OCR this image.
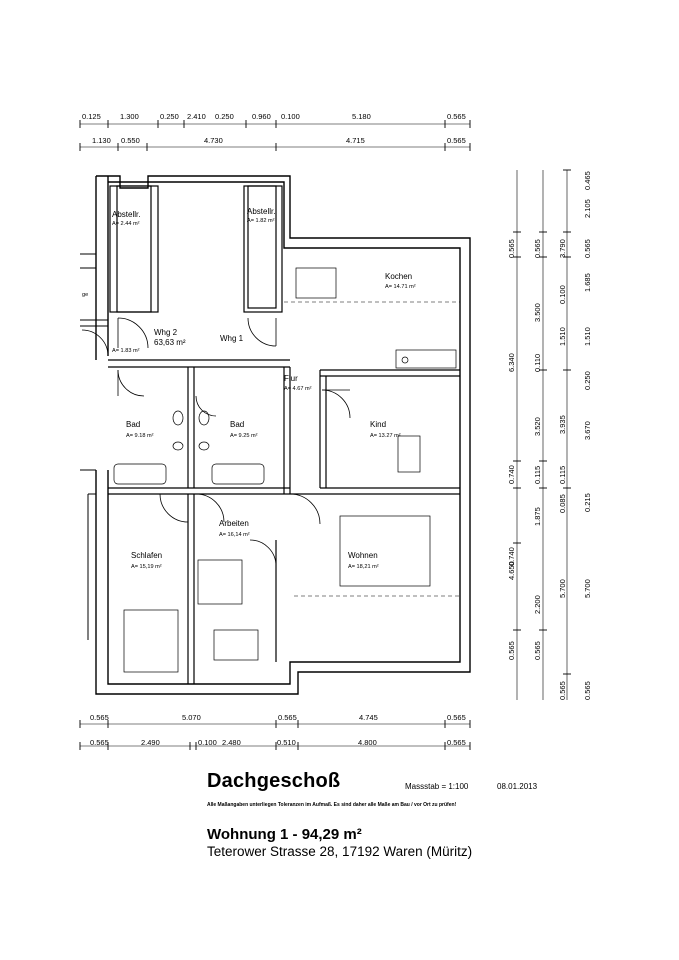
0.125	1.300	0.250 2.410 0.250 0.960 0.100	5.180	0.565
1.130 0.550	4.730	4.715	0.565
0.565	5.070	0.565	4.745	0.565
0.565	2.490	0.100 2.480	0.510	4.800	0.565
0.565
6.340
0.740
0.740
4.650
0.565
0.565
3.500
0.110
3.520
0.115
1.875
2.200
0.565
3.790
0.100
1.510
3.935
0.115
0.085
5.700
0.565
0.465
2.105
0.565
1.685
1.510
0.250
3.670
0.215
5.700
0.565
Abstellr.
A= 2.44 m²
Abstellr.
A= 1.82 m²
Kochen
A= 14.71 m²
Whg 2
63,63 m²	Whg 1
A= 1.83 m²
Flur
A= 4.67 m²
Bad
A= 9.18 m²
Bad
A= 9.25 m²
Kind
A= 13.27 m²
Arbeiten
A= 16,14 m²
Schlafen
A= 15,19 m²
Wohnen
A= 18,21 m²
ge
Dachgeschoß	Massstab = 1:100	08.01.2013
Alle Maßangaben unterliegen Toleranzen im Aufmaß. Es sind daher alle Maße am Bau / vor Ort zu prüfen!
Wohnung 1 - 94,29 m²
Teterower Strasse 28, 17192 Waren (Müritz)
